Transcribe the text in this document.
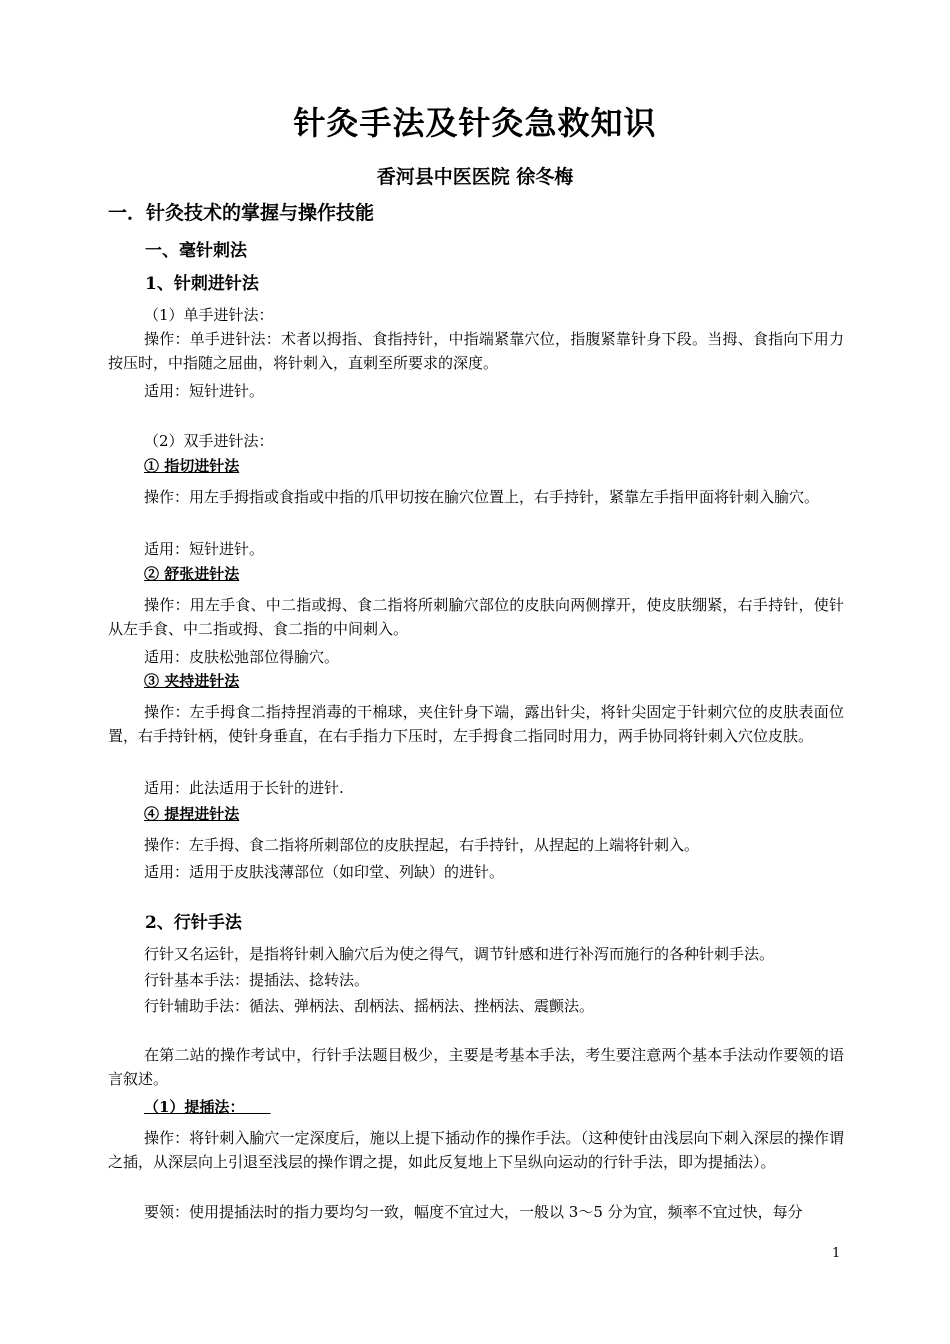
针灸手法及针灸急救知识
香河县中医医院 徐冬梅
一．针灸技术的掌握与操作技能
一、毫针刺法
1、针刺进针法
（1）单手进针法：
操作：单手进针法：术者以拇指、食指持针，中指端紧靠穴位，指腹紧靠针身下段。当拇、食指向下用力按压时，中指随之屈曲，将针刺入，直刺至所要求的深度。
适用：短针进针。
（2）双手进针法：
① 指切进针法
操作：用左手拇指或食指或中指的爪甲切按在腧穴位置上，右手持针，紧靠左手指甲面将针刺入腧穴。
适用：短针进针。
② 舒张进针法
操作：用左手食、中二指或拇、食二指将所刺腧穴部位的皮肤向两侧撑开，使皮肤绷紧，右手持针，使针从左手食、中二指或拇、食二指的中间刺入。
适用：皮肤松弛部位得腧穴。
③ 夹持进针法
操作：左手拇食二指持捏消毒的干棉球，夹住针身下端，露出针尖，将针尖固定于针刺穴位的皮肤表面位置，右手持针柄，使针身垂直，在右手指力下压时，左手拇食二指同时用力，两手协同将针刺入穴位皮肤。
适用：此法适用于长针的进针.
④ 提捏进针法
操作：左手拇、食二指将所刺部位的皮肤捏起，右手持针，从捏起的上端将针刺入。
适用：适用于皮肤浅薄部位（如印堂、列缺）的进针。
2、行针手法
行针又名运针，是指将针刺入腧穴后为使之得气，调节针感和进行补泻而施行的各种针刺手法。
行针基本手法：提插法、捻转法。
行针辅助手法：循法、弹柄法、刮柄法、摇柄法、挫柄法、震颤法。
在第二站的操作考试中，行针手法题目极少，主要是考基本手法，考生要注意两个基本手法动作要领的语言叙述。
（1）提插法：
操作：将针刺入腧穴一定深度后，施以上提下插动作的操作手法。（这种使针由浅层向下刺入深层的操作谓之插，从深层向上引退至浅层的操作谓之提，如此反复地上下呈纵向运动的行针手法，即为提插法）。
要领：使用提插法时的指力要均匀一致，幅度不宜过大，一般以 3～5 分为宜，频率不宜过快，每分
1
